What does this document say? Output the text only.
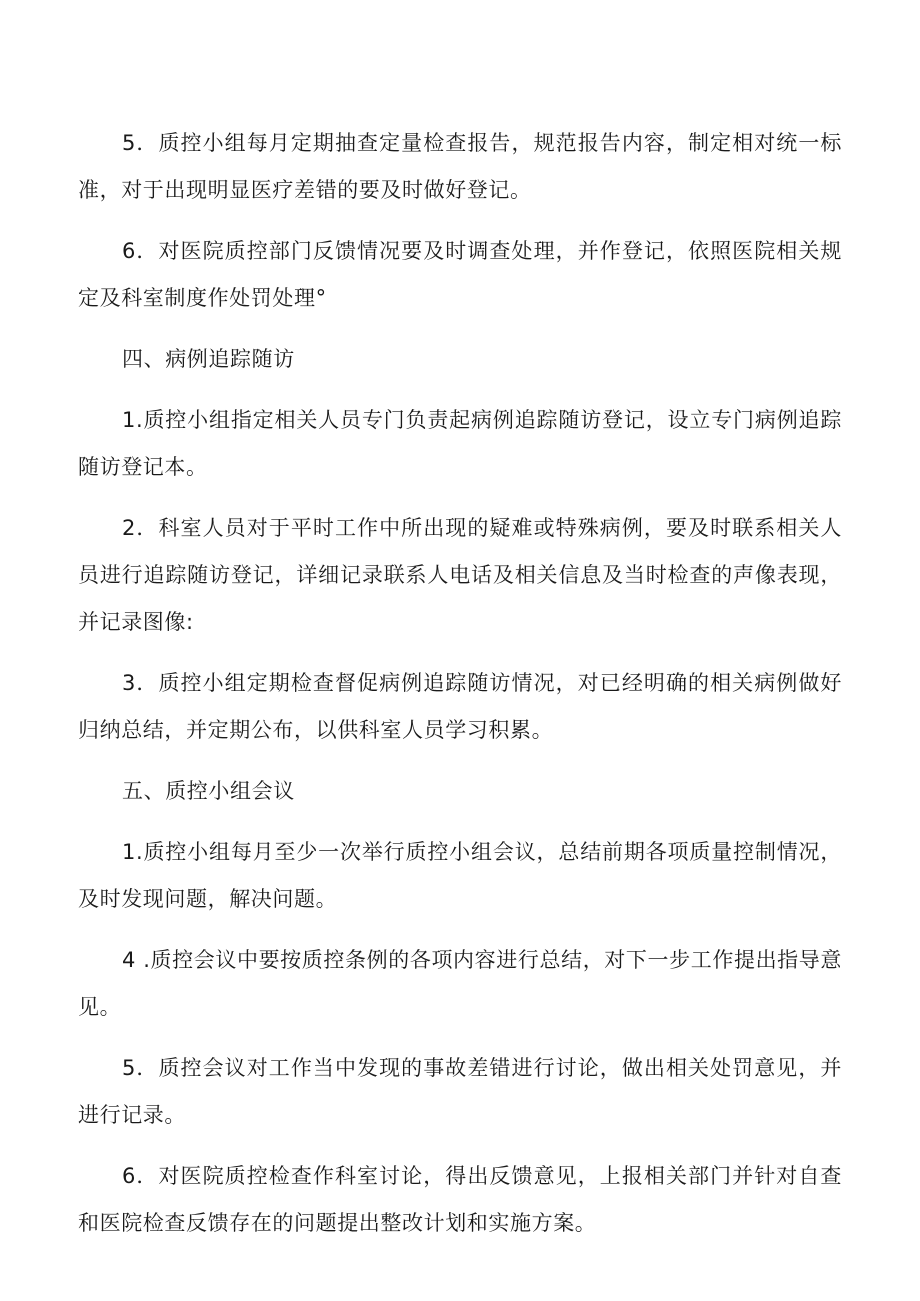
5．质控小组每月定期抽查定量检查报告，规范报告内容，制定相对统一标准，对于出现明显医疗差错的要及时做好登记。

6．对医院质控部门反馈情况要及时调查处理，并作登记，依照医院相关规定及科室制度作处罚处理°

四、病例追踪随访

1.质控小组指定相关人员专门负责起病例追踪随访登记，设立专门病例追踪随访登记本。

2．科室人员对于平时工作中所出现的疑难或特殊病例，要及时联系相关人员进行追踪随访登记，详细记录联系人电话及相关信息及当时检查的声像表现，并记录图像:

3．质控小组定期检查督促病例追踪随访情况，对已经明确的相关病例做好归纳总结，并定期公布，以供科室人员学习积累。

五、质控小组会议

1.质控小组每月至少一次举行质控小组会议，总结前期各项质量控制情况，及时发现问题，解决问题。

4 .质控会议中要按质控条例的各项内容进行总结，对下一步工作提出指导意见。

5．质控会议对工作当中发现的事故差错进行讨论，做出相关处罚意见，并进行记录。

6．对医院质控检查作科室讨论，得出反馈意见，上报相关部门并针对自查和医院检查反馈存在的问题提出整改计划和实施方案。
